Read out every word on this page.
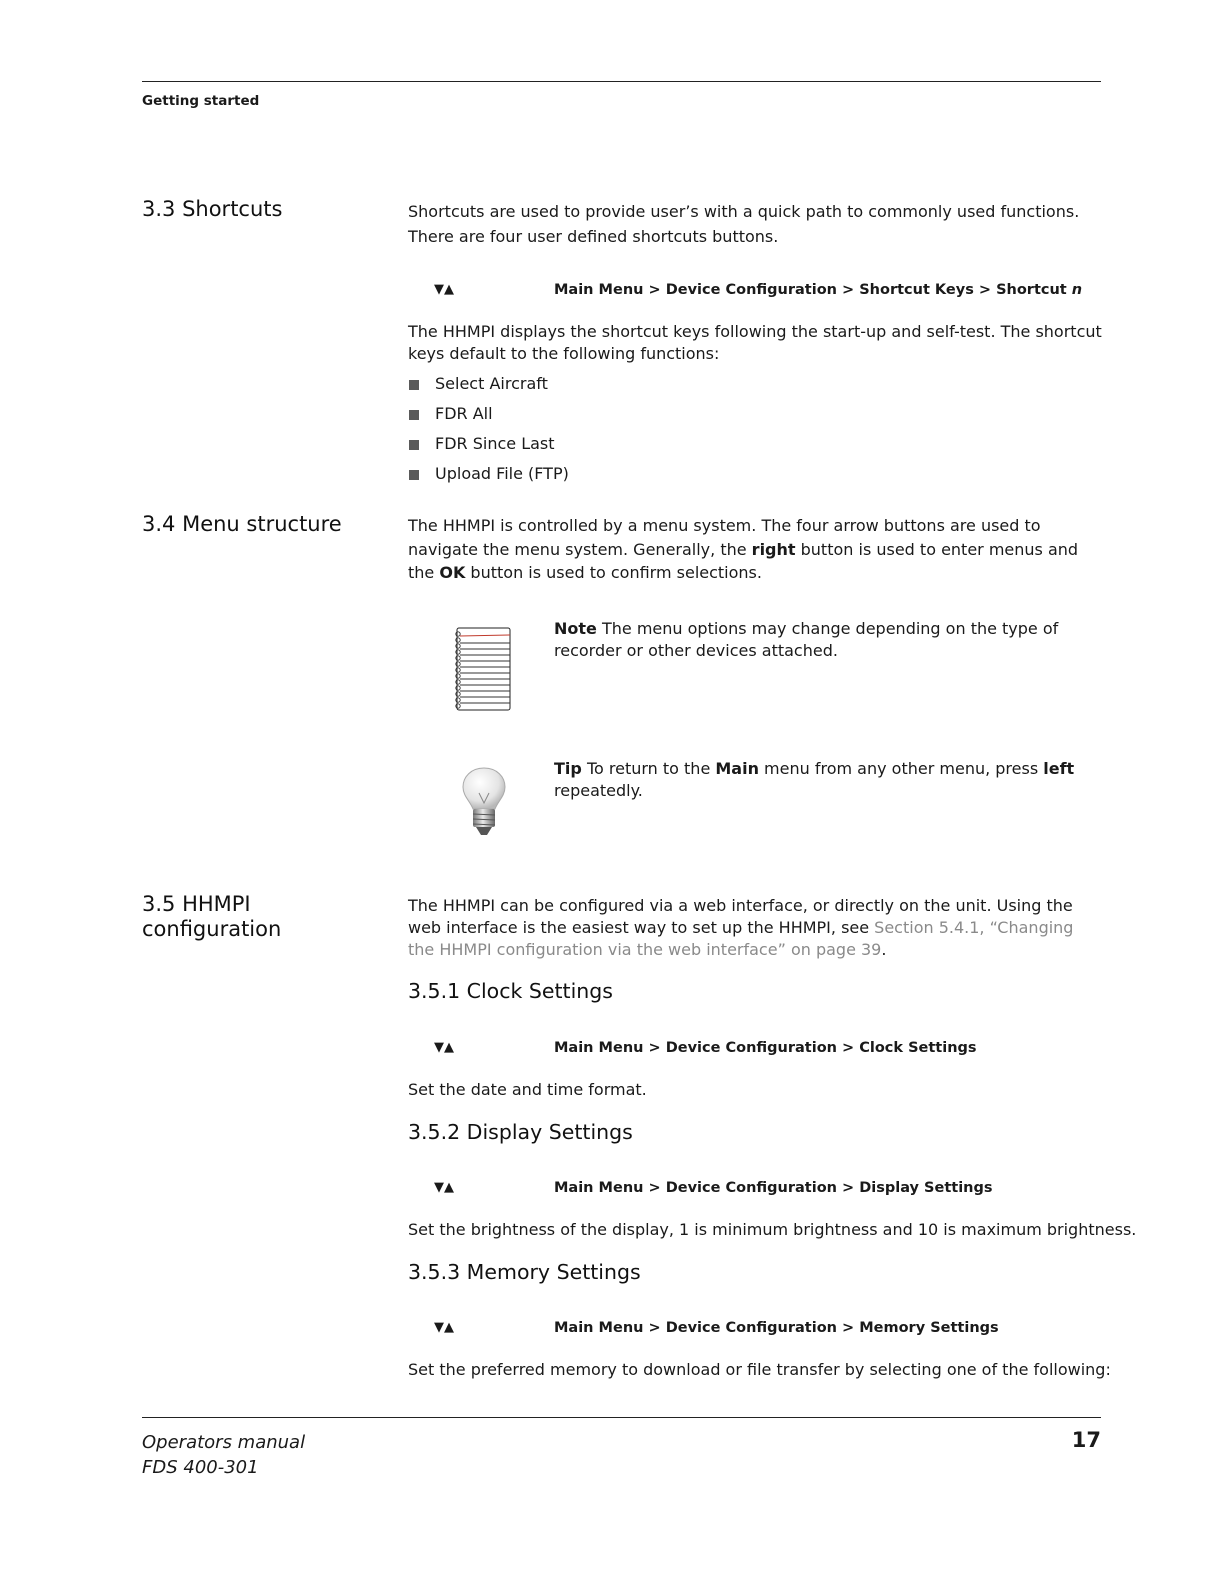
Getting started
3.3 Shortcuts	Shortcuts are used to provide user’s with a quick path to commonly used functions. There are four user defined shortcuts buttons.
▼▲	Main Menu > Device Configuration > Shortcut Keys > Shortcut n
The HHMPI displays the shortcut keys following the start-up and self-test. The shortcut keys default to the following functions:
Select Aircraft
FDR All
FDR Since Last
Upload File (FTP)
3.4 Menu structure	The HHMPI is controlled by a menu system. The four arrow buttons are used to navigate the menu system. Generally, the right button is used to enter menus and the OK button is used to confirm selections.
Note The menu options may change depending on the type of recorder or other devices attached.
Tip To return to the Main menu from any other menu, press left repeatedly.
3.5 HHMPI
configuration
The HHMPI can be configured via a web interface, or directly on the unit. Using the web interface is the easiest way to set up the HHMPI, see Section 5.4.1, “Changing the HHMPI configuration via the web interface” on page 39.
3.5.1 Clock Settings
▼▲	Main Menu > Device Configuration > Clock Settings
Set the date and time format.
3.5.2 Display Settings
▼▲	Main Menu > Device Configuration > Display Settings
Set the brightness of the display, 1 is minimum brightness and 10 is maximum brightness.
3.5.3 Memory Settings
▼▲	Main Menu > Device Configuration > Memory Settings
Set the preferred memory to download or file transfer by selecting one of the following:
Operators manual
FDS 400-301
17
